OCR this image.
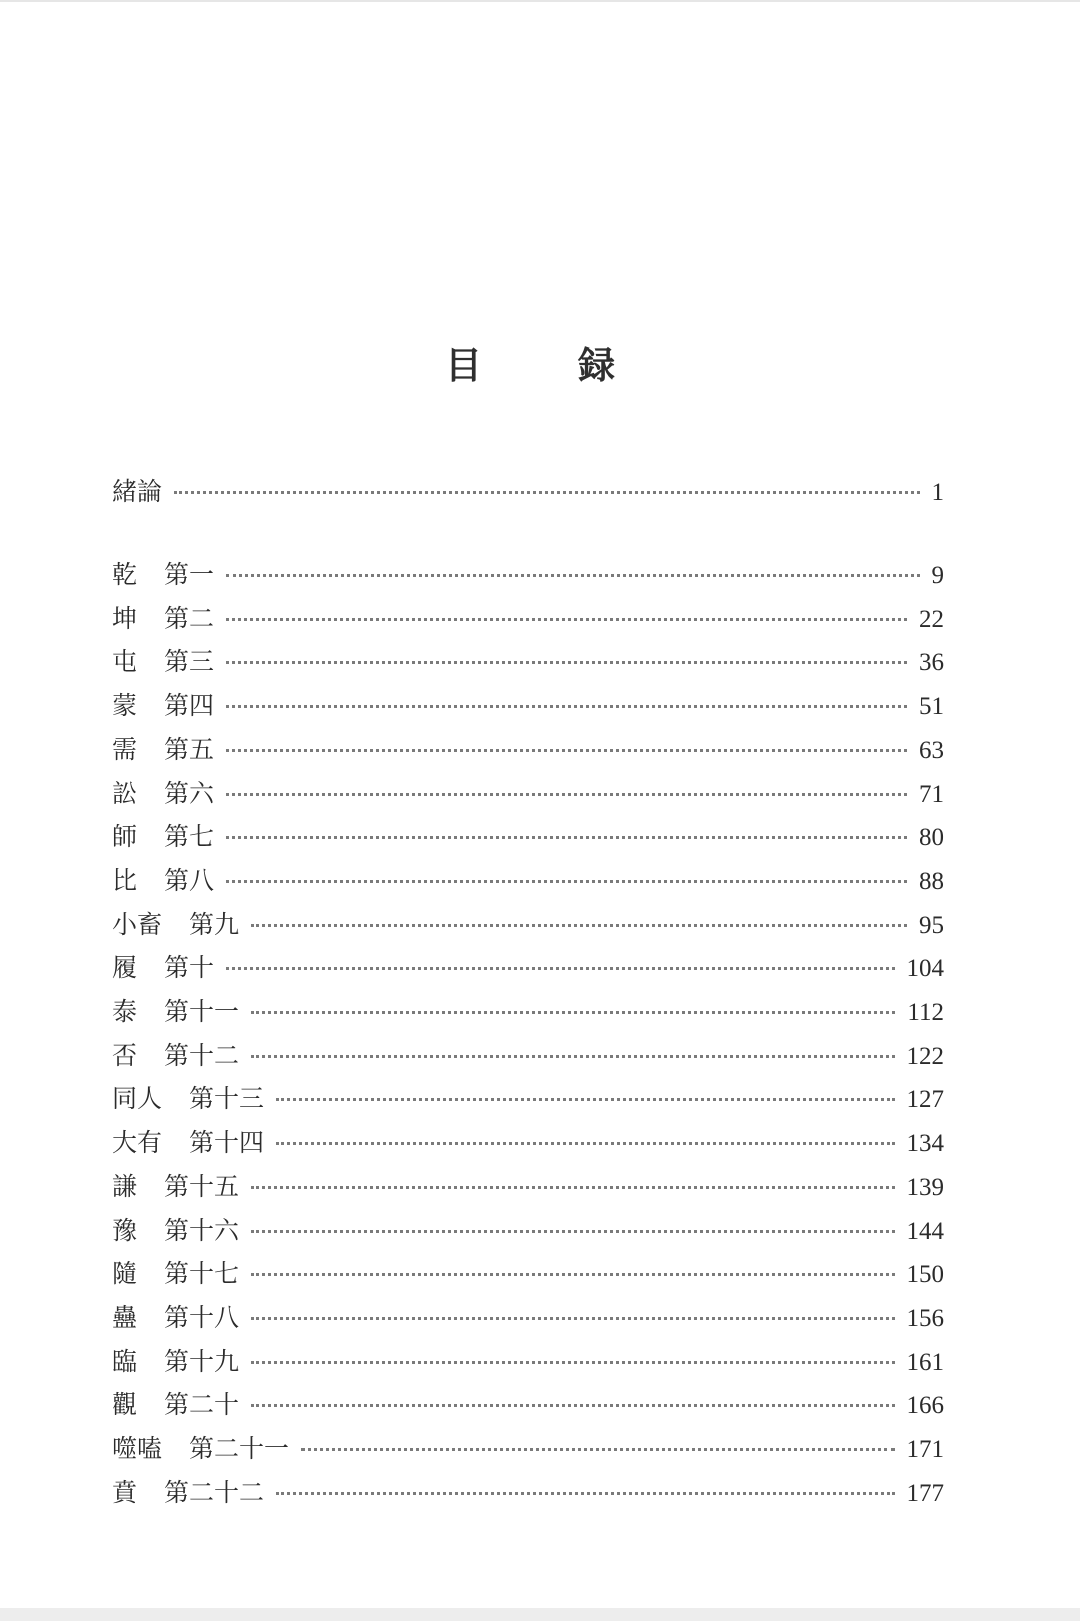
目	録
緒論	1
乾 第一	9
坤 第二	22
屯 第三	36
蒙 第四	51
需 第五	63
訟 第六	71
師 第七	80
比 第八	88
小畜 第九	95
履 第十	104
泰 第十一	112
否 第十二	122
同人 第十三	127
大有 第十四	134
謙 第十五	139
豫 第十六	144
隨 第十七	150
蠱 第十八	156
臨 第十九	161
觀 第二十	166
噬嗑 第二十一	171
賁 第二十二	177
